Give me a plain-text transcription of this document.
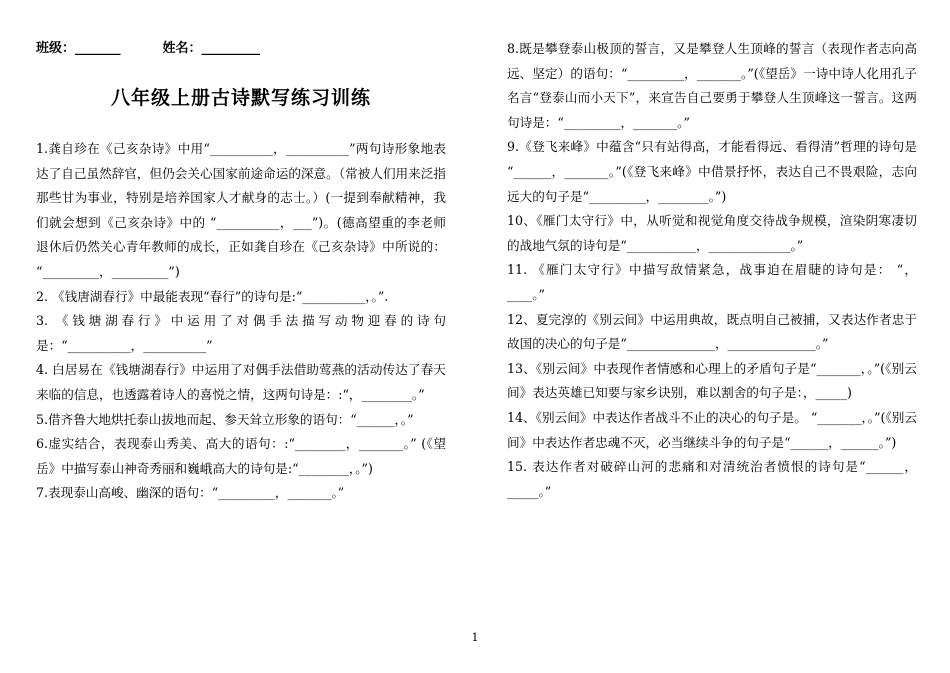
班级：_______	姓名：_________
八年级上册古诗默写练习训练

1.龚自珍在《己亥杂诗》中用“__________，__________”两句诗形象地表达了自己虽然辞官，但仍会关心国家前途命运的深意。（常被人们用来泛指那些甘为事业，特别是培养国家人才献身的志士。）(一提到奉献精神，我们就会想到《己亥杂诗》中的 “__________，___”)。(德高望重的李老师退休后仍然关心青年教师的成长，正如龚自珍在《己亥杂诗》中所说的： “_________，_________”)

2. 《钱唐湖春行》中最能表现“春行”的诗句是:“__________，。”.

3. 《钱塘湖春行》中运用了对偶手法描写动物迎春的诗句是：“__________，__________”

4. 白居易在《钱塘湖春行》中运用了对偶手法借助莺燕的活动传达了春天来临的信息，也透露着诗人的喜悦之情，这两句诗是：:“，________。”

5.借齐鲁大地烘托泰山拔地而起、参天耸立形象的语句：“______，。”

6.虚实结合，表现泰山秀美、高大的语句：:“________，_______。” (《望岳》中描写泰山神奇秀丽和巍峨高大的诗句是:“________，。”)

7.表现泰山高峻、幽深的语句：“_________，_______。”

8.既是攀登泰山极顶的誓言，又是攀登人生顶峰的誓言（表现作者志向高远、坚定）的语句：“_________，_______。”(《望岳》一诗中诗人化用孔子名言“登泰山而小天下”，来宣告自己要勇于攀登人生顶峰这一誓言。这两句诗是：“_________，_______。”

9.《登飞来峰》中蕴含“只有站得高，才能看得远、看得清”哲理的诗句是 “______，_______。”(《登飞来峰》中借景抒怀，表达自己不畏艰险，志向远大的句子是“_________，________。”)

10、《雁门太守行》中，从听觉和视觉角度交待战争规模，渲染阴寒凄切的战地气氛的诗句是“___________，_____________。”

11. 《雁门太守行》中描写敌情紧急，战事迫在眉睫的诗句是： “，____。”

12、夏完淳的《别云间》中运用典故，既点明自己被捕，又表达作者忠于故国的决心的句子是“______________，______________。”

13、《别云间》中表现作者情感和心理上的矛盾句子是“_______，。”(《别云间》表达英雄已知要与家乡诀别，难以割舍的句子是：，_____)

14、《别云间》中表达作者战斗不止的决心的句子是。 “_______，。”(《别云间》中表达作者忠魂不灭，必当继续斗争的句子是“______，______。”)

15. 表达作者对破碎山河的悲痛和对清统治者愤恨的诗句是“______，_____。”

1
